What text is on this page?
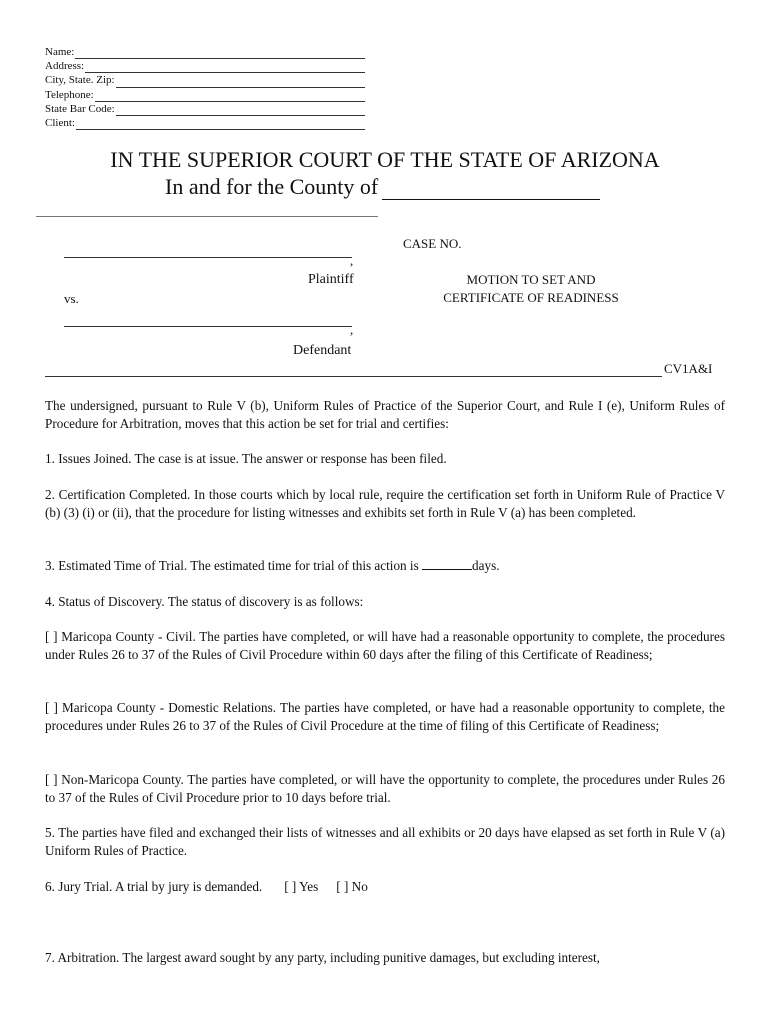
Name:
Address:
City, State. Zip:
Telephone:
State Bar Code:
Client:
IN THE SUPERIOR COURT OF THE STATE OF ARIZONA
In and for the County of
CASE NO.
,
Plaintiff	MOTION TO SET AND
CERTIFICATE OF READINESS
vs.
,
Defendant
CV1A&I

The undersigned, pursuant to Rule V (b), Uniform Rules of Practice of the Superior Court, and Rule I (e), Uniform Rules of Procedure for Arbitration, moves that this action be set for trial and certifies:

1. Issues Joined. The case is at issue. The answer or response has been filed.

2. Certification Completed. In those courts which by local rule, require the certification set forth in Uniform Rule of Practice V (b) (3) (i) or (ii), that the procedure for listing witnesses and exhibits set forth in Rule V (a) has been completed.

3. Estimated Time of Trial. The estimated time for trial of this action is	days.

4. Status of Discovery. The status of discovery is as follows:

[ ] Maricopa County - Civil. The parties have completed, or will have had a reasonable opportunity to complete, the procedures under Rules 26 to 37 of the Rules of Civil Procedure within 60 days after the filing of this Certificate of Readiness;

[ ] Maricopa County - Domestic Relations. The parties have completed, or have had a reasonable opportunity to complete, the procedures under Rules 26 to 37 of the Rules of Civil Procedure at the time of filing of this Certificate of Readiness;

[ ] Non-Maricopa County. The parties have completed, or will have the opportunity to complete, the procedures under Rules 26 to 37 of the Rules of Civil Procedure prior to 10 days before trial.

5. The parties have filed and exchanged their lists of witnesses and all exhibits or 20 days have elapsed as set forth in Rule V (a) Uniform Rules of Practice.

6. Jury Trial. A trial by jury is demanded. [ ] Yes [ ] No

7. Arbitration. The largest award sought by any party, including punitive damages, but excluding interest,
